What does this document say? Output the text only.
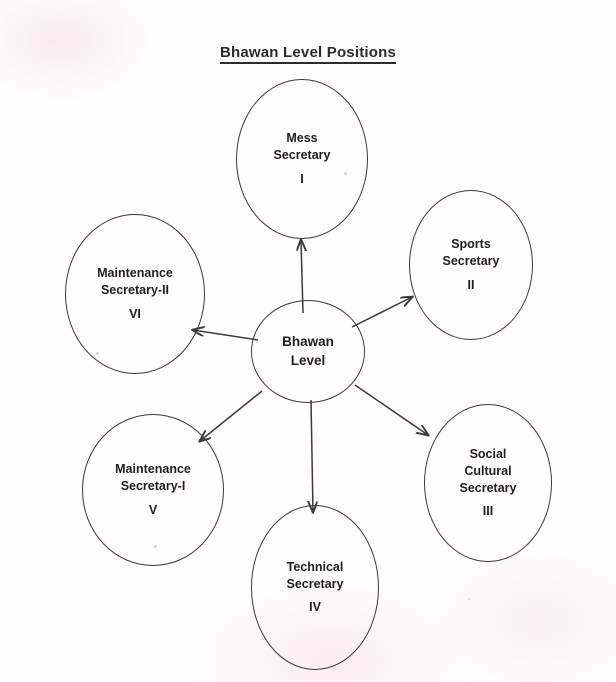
Bhawan Level Positions
Mess
Secretary
I
Sports
Secretary
II
Social
Cultural
Secretary
III
Technical
Secretary
IV
Maintenance
Secretary-I
V
Maintenance
Secretary-II
VI
Bhawan
Level
